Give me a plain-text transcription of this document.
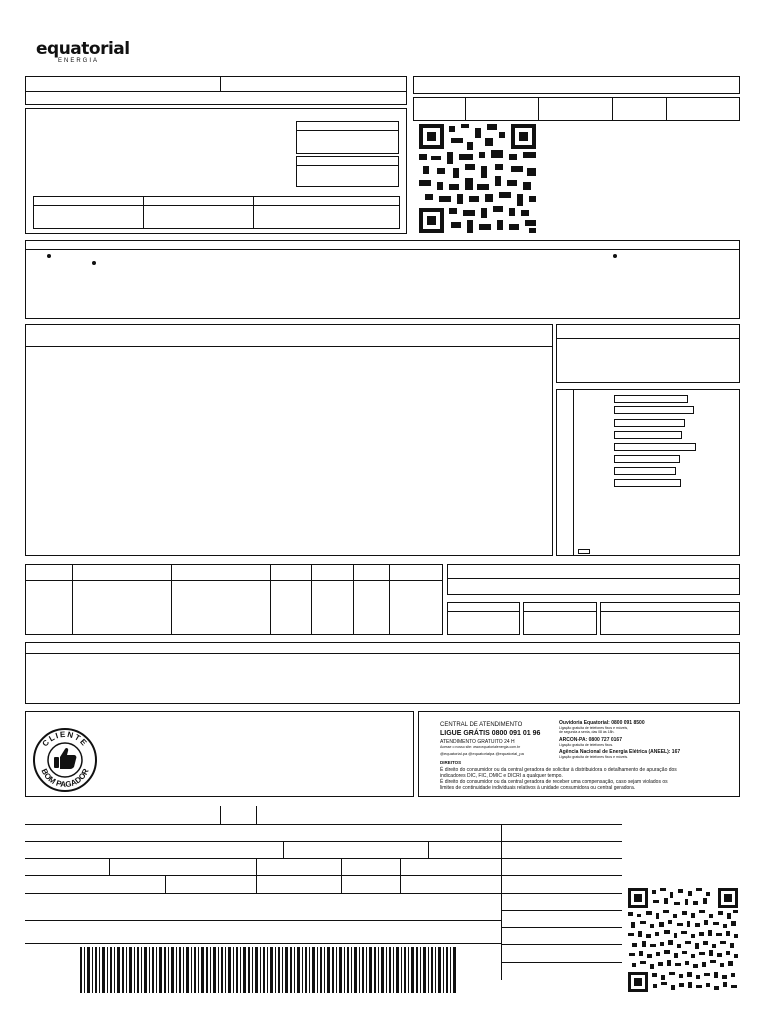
equatorial
ENERGIA
CLIENTE
BOM PAGADOR
CENTRAL DE ATENDIMENTO
LIGUE GRÁTIS 0800 091 01 96
ATENDIMENTO GRATUITO 24 H
Acesse o nosso site: www.equatorialenergia.com.br
@equatorial.pa @equatorialpa @equatorial_pa
Ouvidoria Equatorial: 0800 091 8500
Ligação gratuita de telefones fixos e móveis,
de segunda a sexta, das 08 às 18h.
ARCON-PA: 0800 727 0167
Ligação gratuita de telefones fixos.
Agência Nacional de Energia Elétrica (ANEEL): 167
Ligação gratuita de telefones fixos e móveis.
DIREITOS
É direito do consumidor ou da central geradora de solicitar à distribuidora o detalhamento de apuração dos
indicadores DIC, FIC, DMIC e DICRI a qualquer tempo.
É direito do consumidor ou da central geradora de receber uma compensação, caso sejam violados os
limites de continuidade individuais relativos à unidade consumidora ou central geradora.
